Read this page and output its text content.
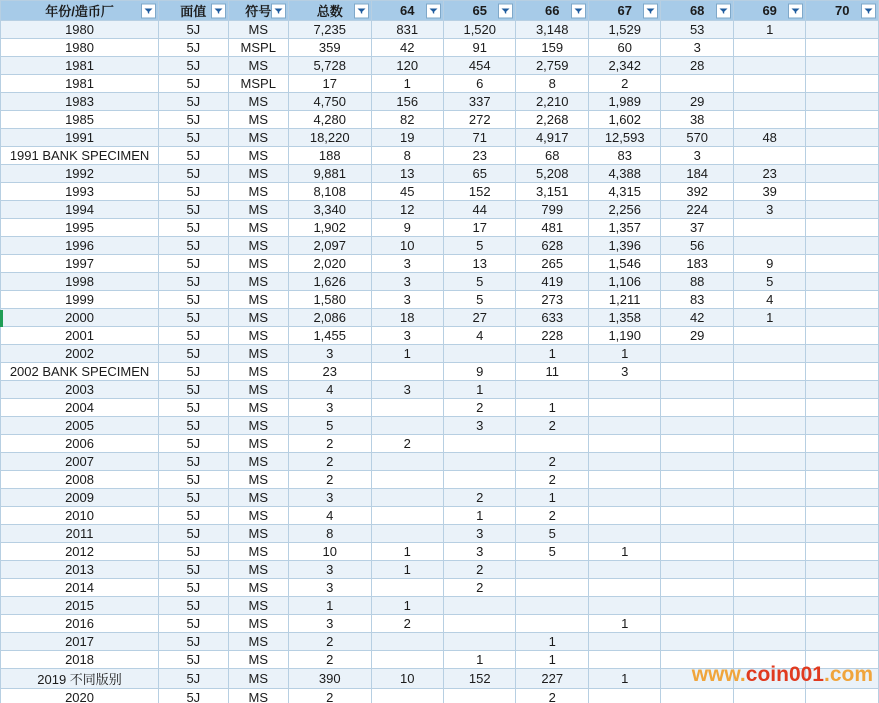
年份/造币厂	面值	符号	总数	64	65	66	67	68	69	70

1980	5J	MS	7,235	831	1,520	3,148	1,529	53	1	
1980	5J	MSPL	359	42	91	159	60	3		
1981	5J	MS	5,728	120	454	2,759	2,342	28		
1981	5J	MSPL	17	1	6	8	2			
1983	5J	MS	4,750	156	337	2,210	1,989	29		
1985	5J	MS	4,280	82	272	2,268	1,602	38		
1991	5J	MS	18,220	19	71	4,917	12,593	570	48	
1991 BANK SPECIMEN	5J	MS	188	8	23	68	83	3		
1992	5J	MS	9,881	13	65	5,208	4,388	184	23	
1993	5J	MS	8,108	45	152	3,151	4,315	392	39	
1994	5J	MS	3,340	12	44	799	2,256	224	3	
1995	5J	MS	1,902	9	17	481	1,357	37		
1996	5J	MS	2,097	10	5	628	1,396	56		
1997	5J	MS	2,020	3	13	265	1,546	183	9	
1998	5J	MS	1,626	3	5	419	1,106	88	5	
1999	5J	MS	1,580	3	5	273	1,211	83	4	
2000	5J	MS	2,086	18	27	633	1,358	42	1	
2001	5J	MS	1,455	3	4	228	1,190	29		
2002	5J	MS	3	1		1	1			
2002 BANK SPECIMEN	5J	MS	23		9	11	3			
2003	5J	MS	4	3	1					
2004	5J	MS	3		2	1				
2005	5J	MS	5		3	2				
2006	5J	MS	2	2						
2007	5J	MS	2			2				
2008	5J	MS	2			2				
2009	5J	MS	3		2	1				
2010	5J	MS	4		1	2				
2011	5J	MS	8		3	5				
2012	5J	MS	10	1	3	5	1			
2013	5J	MS	3	1	2					
2014	5J	MS	3		2					
2015	5J	MS	1	1						
2016	5J	MS	3	2			1			
2017	5J	MS	2			1				
2018	5J	MS	2		1	1				
2019 不同版别	5J	MS	390	10	152	227	1			
2020	5J	MS	2			2				
www.coin001.com
